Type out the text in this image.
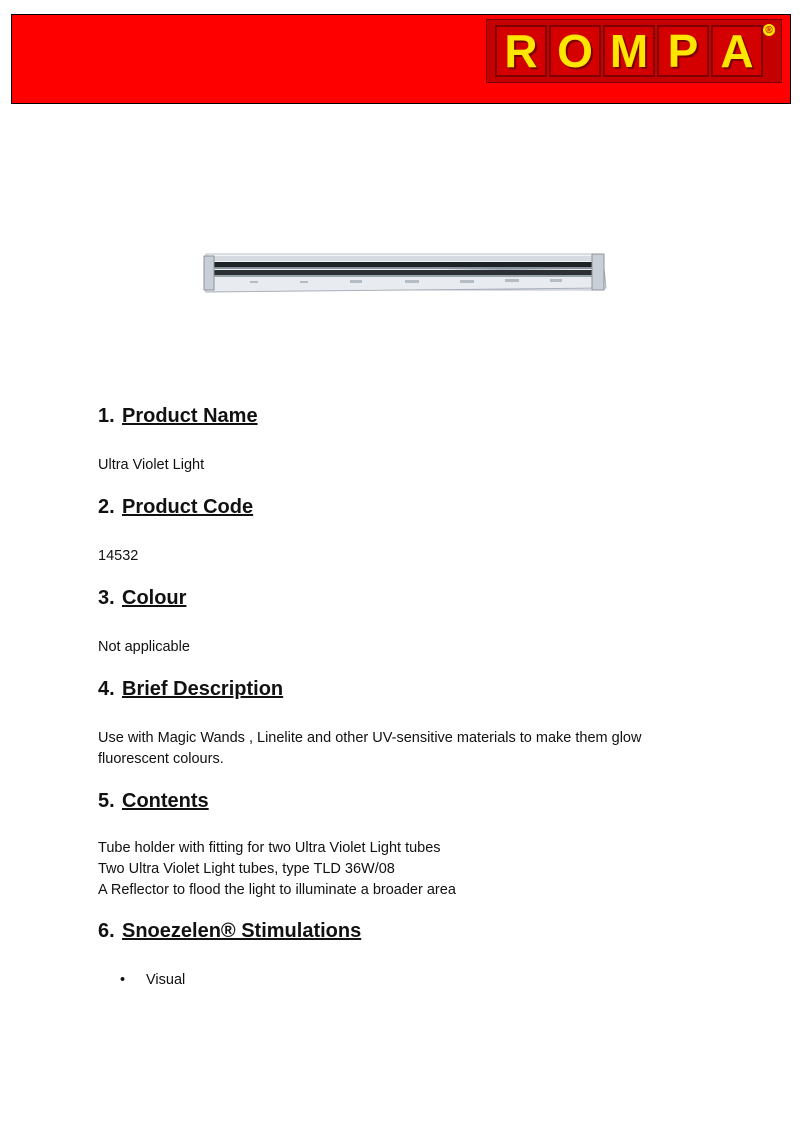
R O M P A	®

1. Product Name

Ultra Violet Light

2. Product Code

14532

3. Colour

Not applicable

4. Brief Description

Use with Magic Wands , Linelite and other UV-sensitive materials to make them glow

fluorescent colours.

5. Contents

Tube holder with fitting for two Ultra Violet Light tubes

Two Ultra Violet Light tubes, type TLD 36W/08

A Reflector to flood the light to illuminate a broader area

6. Snoezelen® Stimulations

• Visual
